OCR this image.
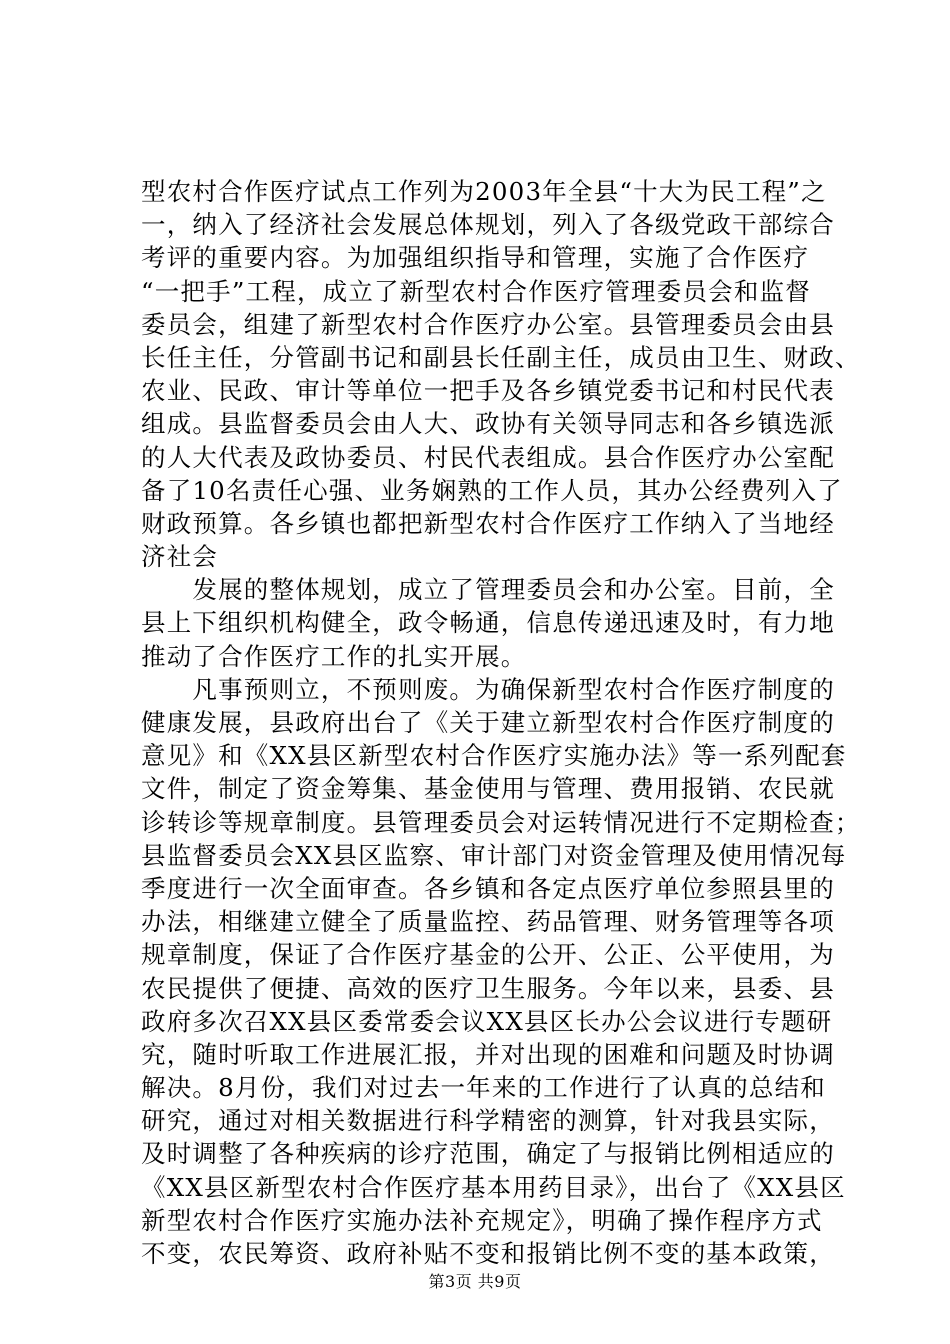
型农村合作医疗试点工作列为2003年全县“十大为民工程”之
一，纳入了经济社会发展总体规划，列入了各级党政干部综合
考评的重要内容。为加强组织指导和管理，实施了合作医疗
“一把手”工程，成立了新型农村合作医疗管理委员会和监督
委员会，组建了新型农村合作医疗办公室。县管理委员会由县
长任主任，分管副书记和副县长任副主任，成员由卫生、财政、
农业、民政、审计等单位一把手及各乡镇党委书记和村民代表
组成。县监督委员会由人大、政协有关领导同志和各乡镇选派
的人大代表及政协委员、村民代表组成。县合作医疗办公室配
备了10名责任心强、业务娴熟的工作人员，其办公经费列入了
财政预算。各乡镇也都把新型农村合作医疗工作纳入了当地经
济社会
　　发展的整体规划，成立了管理委员会和办公室。目前，全
县上下组织机构健全，政令畅通，信息传递迅速及时，有力地
推动了合作医疗工作的扎实开展。
　　凡事预则立，不预则废。为确保新型农村合作医疗制度的
健康发展，县政府出台了《关于建立新型农村合作医疗制度的
意见》和《XX县区新型农村合作医疗实施办法》等一系列配套
文件，制定了资金筹集、基金使用与管理、费用报销、农民就
诊转诊等规章制度。县管理委员会对运转情况进行不定期检查；
县监督委员会XX县区监察、审计部门对资金管理及使用情况每
季度进行一次全面审查。各乡镇和各定点医疗单位参照县里的
办法，相继建立健全了质量监控、药品管理、财务管理等各项
规章制度，保证了合作医疗基金的公开、公正、公平使用，为
农民提供了便捷、高效的医疗卫生服务。今年以来，县委、县
政府多次召XX县区委常委会议XX县区长办公会议进行专题研
究，随时听取工作进展汇报，并对出现的困难和问题及时协调
解决。8月份，我们对过去一年来的工作进行了认真的总结和
研究，通过对相关数据进行科学精密的测算，针对我县实际，
及时调整了各种疾病的诊疗范围，确定了与报销比例相适应的
《XX县区新型农村合作医疗基本用药目录》，出台了《XX县区
新型农村合作医疗实施办法补充规定》，明确了操作程序方式
不变，农民筹资、政府补贴不变和报销比例不变的基本政策，
第3页 共9页
